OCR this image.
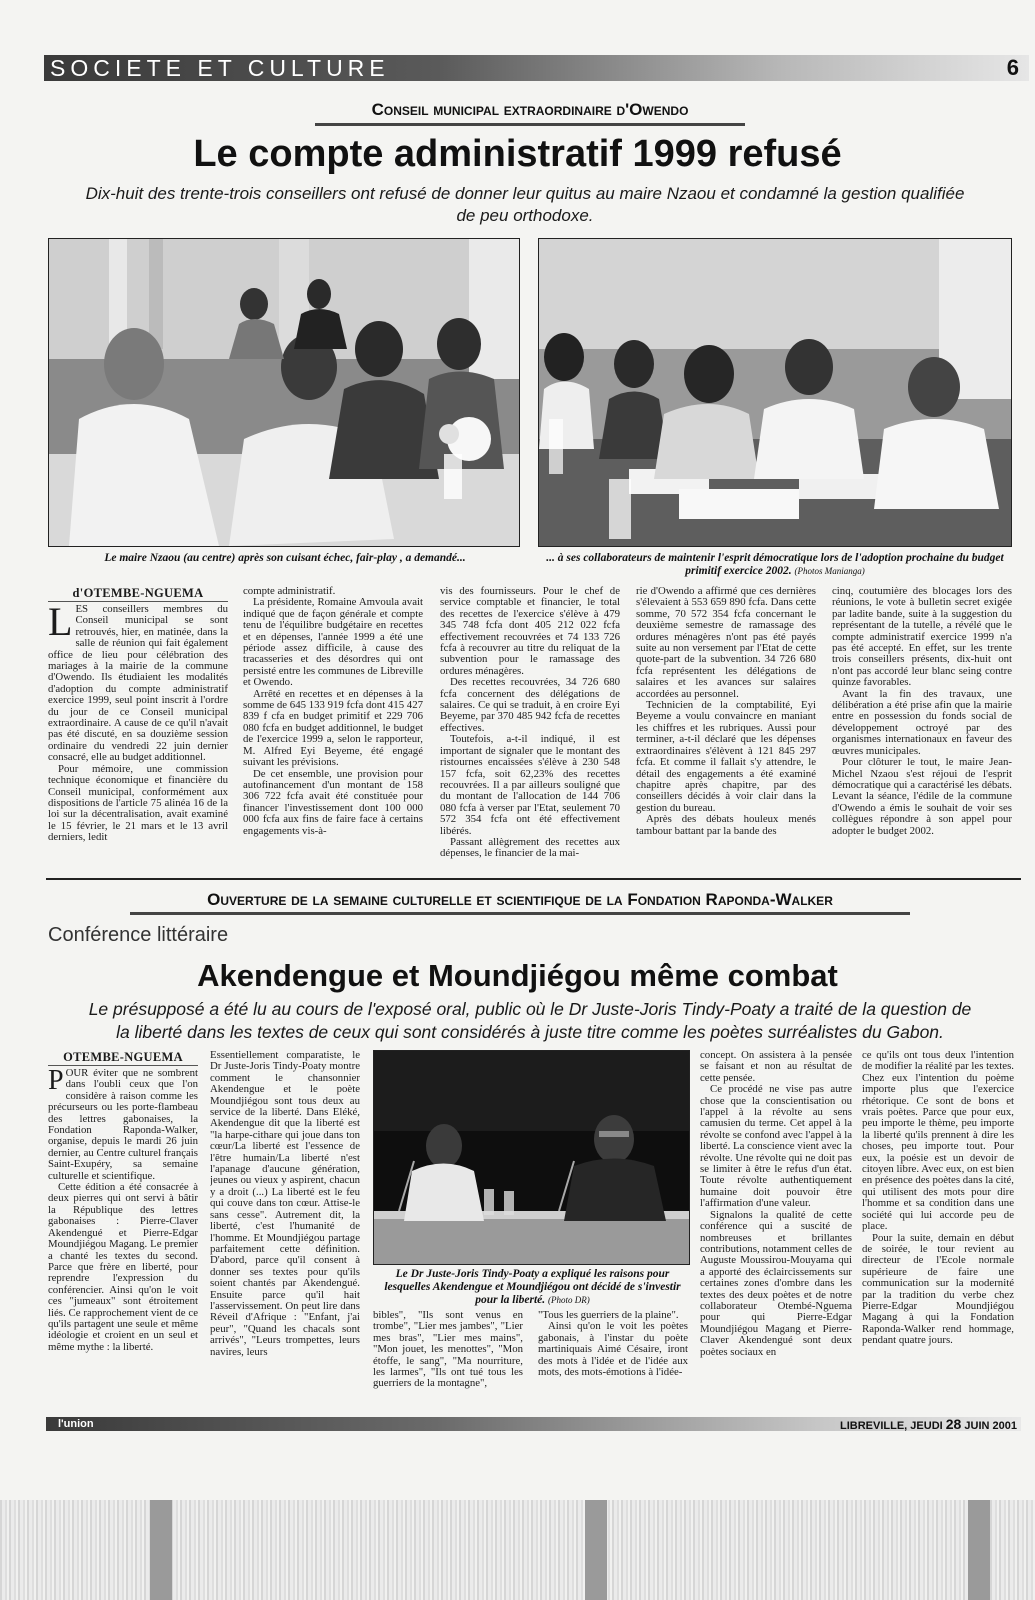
SOCIETE ET CULTURE	6
Conseil municipal extraordinaire d'Owendo
Le compte administratif 1999 refusé
Dix-huit des trente-trois conseillers ont refusé de donner leur quitus au maire Nzaou et condamné la gestion qualifiée de peu orthodoxe.
Le maire Nzaou (au centre) après son cuisant échec, fair-play , a demandé...	... à ses collaborateurs de maintenir l'esprit démocratique lors de l'adoption prochaine du budget primitif exercice 2002. (Photos Manianga)
d'OTEMBE-NGUEMA

LES conseillers membres du Conseil municipal se sont retrouvés, hier, en matinée, dans la salle de réunion qui fait également office de lieu pour célébration des mariages à la mairie de la commune d'Owendo. Ils étudiaient les modalités d'adoption du compte administratif exercice 1999, seul point inscrit à l'ordre du jour de ce Conseil municipal extraordinaire. A cause de ce qu'il n'avait pas été discuté, en sa douzième session ordinaire du vendredi 22 juin dernier consacré, elle au budget additionnel.

Pour mémoire, une commission technique économique et financière du Conseil municipal, conformément aux dispositions de l'article 75 alinéa 16 de la loi sur la décentralisation, avait examiné le 15 février, le 21 mars et le 13 avril derniers, ledit

compte administratif.

La présidente, Romaine Amvoula avait indiqué que de façon générale et compte tenu de l'équilibre budgétaire en recettes et en dépenses, l'année 1999 a été une période assez difficile, à cause des tracasseries et des désordres qui ont persisté entre les communes de Libreville et Owendo.

Arrêté en recettes et en dépenses à la somme de 645 133 919 fcfa dont 415 427 839 f cfa en budget primitif et 229 706 080 fcfa en budget additionnel, le budget de l'exercice 1999 a, selon le rapporteur, M. Alfred Eyi Beyeme, été engagé suivant les prévisions.

De cet ensemble, une provision pour autofinancement d'un montant de 158 306 722 fcfa avait été constituée pour financer l'investissement dont 100 000 000 fcfa aux fins de faire face à certains engagements vis-à-

vis des fournisseurs. Pour le chef de service comptable et financier, le total des recettes de l'exercice s'élève à 479 345 748 fcfa dont 405 212 022 fcfa effectivement recouvrées et 74 133 726 fcfa à recouvrer au titre du reliquat de la subvention pour le ramassage des ordures ménagères.

Des recettes recouvrées, 34 726 680 fcfa concernent des délégations de salaires. Ce qui se traduit, à en croire Eyi Beyeme, par 370 485 942 fcfa de recettes effectives.

Toutefois, a-t-il indiqué, il est important de signaler que le montant des ristournes encaissées s'élève à 230 548 157 fcfa, soit 62,23% des recettes recouvrées. Il a par ailleurs souligné que du montant de l'allocation de 144 706 080 fcfa à verser par l'Etat, seulement 70 572 354 fcfa ont été effectivement libérés.

Passant allègrement des recettes aux dépenses, le financier de la mai-

rie d'Owendo a affirmé que ces dernières s'élevaient à 553 659 890 fcfa. Dans cette somme, 70 572 354 fcfa concernant le deuxième semestre de ramassage des ordures ménagères n'ont pas été payés suite au non versement par l'Etat de cette quote-part de la subvention. 34 726 680 fcfa représentent les délégations de salaires et les avances sur salaires accordées au personnel.

Technicien de la comptabilité, Eyi Beyeme a voulu convaincre en maniant les chiffres et les rubriques. Aussi pour terminer, a-t-il déclaré que les dépenses extraordinaires s'élèvent à 121 845 297 fcfa. Et comme il fallait s'y attendre, le détail des engagements a été examiné chapitre après chapitre, par des conseillers décidés à voir clair dans la gestion du bureau.

Après des débats houleux menés tambour battant par la bande des

cinq, coutumière des blocages lors des réunions, le vote à bulletin secret exigée par ladite bande, suite à la suggestion du représentant de la tutelle, a révélé que le compte administratif exercice 1999 n'a pas été accepté. En effet, sur les trente trois conseillers présents, dix-huit ont n'ont pas accordé leur blanc seing contre quinze favorables.

Avant la fin des travaux, une délibération a été prise afin que la mairie entre en possession du fonds social de développement octroyé par des organismes internationaux en faveur des œuvres municipales.

Pour clôturer le tout, le maire Jean-Michel Nzaou s'est réjoui de l'esprit démocratique qui a caractérisé les débats. Levant la séance, l'édile de la commune d'Owendo a émis le souhait de voir ses collègues répondre à son appel pour adopter le budget 2002.

Ouverture de la semaine culturelle et scientifique de la Fondation Raponda-Walker
Conférence littéraire
Akendengue et Moundjiégou même combat
Le présupposé a été lu au cours de l'exposé oral, public où le Dr Juste-Joris Tindy-Poaty a traité de la question de la liberté dans les textes de ceux qui sont considérés à juste titre comme les poètes surréalistes du Gabon.
OTEMBE-NGUEMA

POUR éviter que ne sombrent dans l'oubli ceux que l'on considère à raison comme les précurseurs ou les porte-flambeau des lettres gabonaises, la Fondation Raponda-Walker, organise, depuis le mardi 26 juin dernier, au Centre culturel français Saint-Exupéry, sa semaine culturelle et scientifique.

Cette édition a été consacrée à deux pierres qui ont servi à bâtir la République des lettres gabonaises : Pierre-Claver Akendengué et Pierre-Edgar Moundjiégou Magang. Le premier a chanté les textes du second. Parce que frère en liberté, pour reprendre l'expression du conférencier. Ainsi qu'on le voit ces "jumeaux" sont étroitement liés. Ce rapprochement vient de ce qu'ils partagent une seule et même idéologie et croient en un seul et même mythe : la liberté.

Essentiellement comparatiste, le Dr Juste-Joris Tindy-Poaty montre comment le chansonnier Akendengue et le poète Moundjiégou sont tous deux au service de la liberté. Dans Eléké, Akendengue dit que la liberté est "la harpe-cithare qui joue dans ton cœur/La liberté est l'essence de l'être humain/La liberté n'est l'apanage d'aucune génération, jeunes ou vieux y aspirent, chacun y a droit (...) La liberté est le feu qui couve dans ton cœur. Attise-le sans cesse". Autrement dit, la liberté, c'est l'humanité de l'homme. Et Moundjiégou partage parfaitement cette définition. D'abord, parce qu'il consent à donner ses textes pour qu'ils soient chantés par Akendengué. Ensuite parce qu'il hait l'asservissement. On peut lire dans Réveil d'Afrique : "Enfant, j'ai peur", "Quand les chacals sont arrivés", "Leurs trompettes, leurs navires, leurs

Le Dr Juste-Joris Tindy-Poaty a expliqué les raisons pour lesquelles Akendengue et Moundjiégou ont décidé de s'investir pour la liberté. (Photo DR)

bibles", "Ils sont venus en trombe", "Lier mes jambes", "Lier mes bras", "Lier mes mains", "Mon jouet, les menottes", "Mon étoffe, le sang", "Ma nourriture, les larmes", "Ils ont tué tous les guerriers de la montagne",

"Tous les guerriers de la plaine".

Ainsi qu'on le voit les poètes gabonais, à l'instar du poète martiniquais Aimé Césaire, iront des mots à l'idée et de l'idée aux mots, des mots-émotions à l'idée-

concept. On assistera à la pensée se faisant et non au résultat de cette pensée.

Ce procédé ne vise pas autre chose que la conscientisation ou l'appel à la révolte au sens camusien du terme. Cet appel à la révolte se confond avec l'appel à la liberté. La conscience vient avec la révolte. Une révolte qui ne doit pas se limiter à être le refus d'un état. Toute révolte authentiquement humaine doit pouvoir être l'affirmation d'une valeur.

Signalons la qualité de cette conférence qui a suscité de nombreuses et brillantes contributions, notamment celles de Auguste Moussirou-Mouyama qui a apporté des éclaircissements sur certaines zones d'ombre dans les textes des deux poètes et de notre collaborateur Otembé-Nguema pour qui Pierre-Edgar Moundjiégou Magang et Pierre-Claver Akendengué sont deux poètes sociaux en

ce qu'ils ont tous deux l'intention de modifier la réalité par les textes. Chez eux l'intention du poème importe plus que l'exercice rhétorique. Ce sont de bons et vrais poètes. Parce que pour eux, peu importe le thème, peu importe la liberté qu'ils prennent à dire les choses, peu importe tout. Pour eux, la poésie est un devoir de citoyen libre. Avec eux, on est bien en présence des poètes dans la cité, qui utilisent des mots pour dire l'homme et sa condition dans une société qui lui accorde peu de place.

Pour la suite, demain en début de soirée, le tour revient au directeur de l'Ecole normale supérieure de faire une communication sur la modernité par la tradition du verbe chez Pierre-Edgar Moundjiégou Magang à qui la Fondation Raponda-Walker rend hommage, pendant quatre jours.

l'union	LIBREVILLE, JEUDI 28 JUIN 2001
